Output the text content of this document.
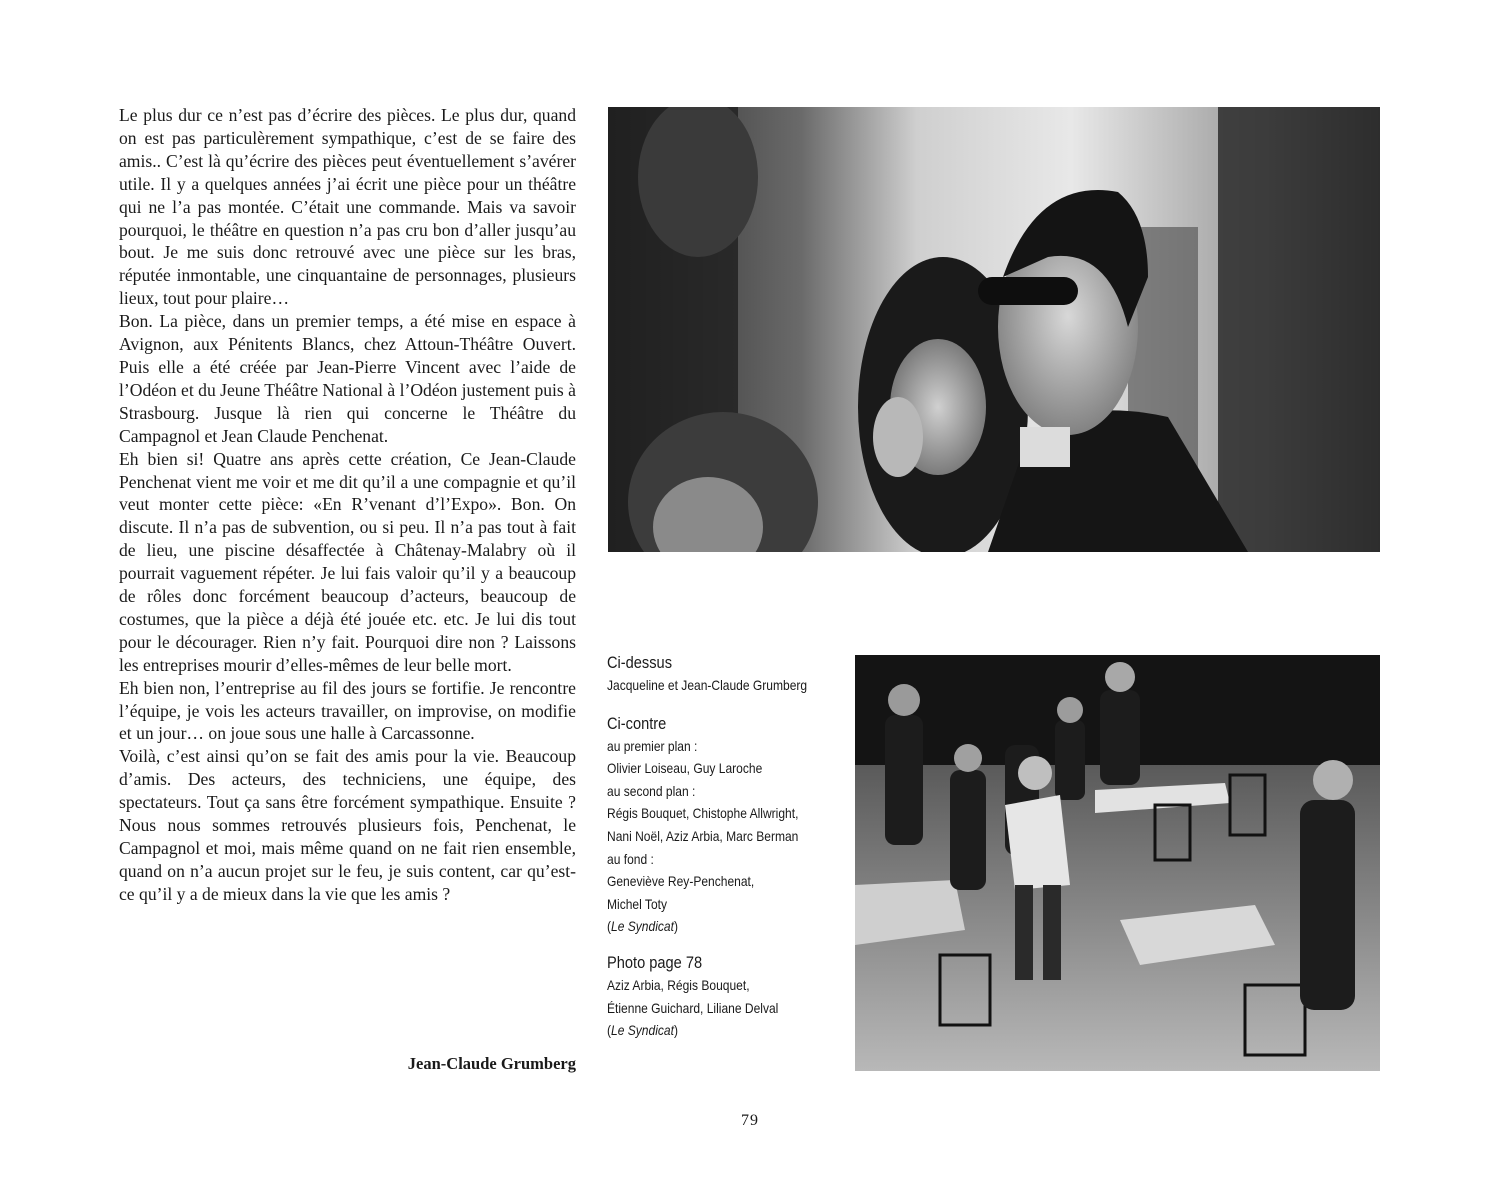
Le plus dur ce n’est pas d’écrire des pièces. Le plus dur, quand on est pas particulèrement sympathique, c’est de se faire des amis.. C’est là qu’écrire des pièces peut éventuellement s’avérer utile. Il y a quelques années j’ai écrit une pièce pour un théâtre qui ne l’a pas montée. C’était une commande. Mais va savoir pourquoi, le théâtre en question n’a pas cru bon d’aller jusqu’au bout. Je me suis donc retrouvé avec une pièce sur les bras, réputée inmontable, une cinquantaine de personnages, plusieurs lieux, tout pour plaire…

Bon. La pièce, dans un premier temps, a été mise en espace à Avignon, aux Pénitents Blancs, chez Attoun-Théâtre Ouvert. Puis elle a été créée par Jean-Pierre Vincent avec l’aide de l’Odéon et du Jeune Théâtre National à l’Odéon justement puis à Strasbourg. Jusque là rien qui concerne le Théâtre du Campagnol et Jean Claude Penchenat.

Eh bien si! Quatre ans après cette création, Ce Jean-Claude Penchenat vient me voir et me dit qu’il a une compagnie et qu’il veut monter cette pièce: «En R’venant d’l’Expo». Bon. On discute. Il n’a pas de subvention, ou si peu. Il n’a pas tout à fait de lieu, une piscine désaffectée à Châtenay-Malabry où il pourrait vaguement répéter. Je lui fais valoir qu’il y a beaucoup de rôles donc forcément beaucoup d’acteurs, beaucoup de costumes, que la pièce a déjà été jouée etc. etc. Je lui dis tout pour le décourager. Rien n’y fait. Pourquoi dire non ? Laissons les entreprises mourir d’elles-mêmes de leur belle mort.

Eh bien non, l’entreprise au fil des jours se fortifie. Je rencontre l’équipe, je vois les acteurs travailler, on improvise, on modifie et un jour… on joue sous une halle à Carcassonne.

Voilà, c’est ainsi qu’on se fait des amis pour la vie. Beaucoup d’amis. Des acteurs, des techniciens, une équipe, des spectateurs. Tout ça sans être forcément sympathique. Ensuite ? Nous nous sommes retrouvés plusieurs fois, Penchenat, le Campagnol et moi, mais même quand on ne fait rien ensemble, quand on n’a aucun projet sur le feu, je suis content, car qu’est-ce qu’il y a de mieux dans la vie que les amis ?

Jean-Claude Grumberg
Ci-dessus
Jacqueline et Jean-Claude Grumberg
Ci-contre
au premier plan :
Olivier Loiseau, Guy Laroche
au second plan :
Régis Bouquet, Chistophe Allwright,
Nani Noël, Aziz Arbia, Marc Berman
au fond :
Geneviève Rey-Penchenat,
Michel Toty
(Le Syndicat)
Photo page 78
Aziz Arbia, Régis Bouquet,
Étienne Guichard, Liliane Delval
(Le Syndicat)
79
